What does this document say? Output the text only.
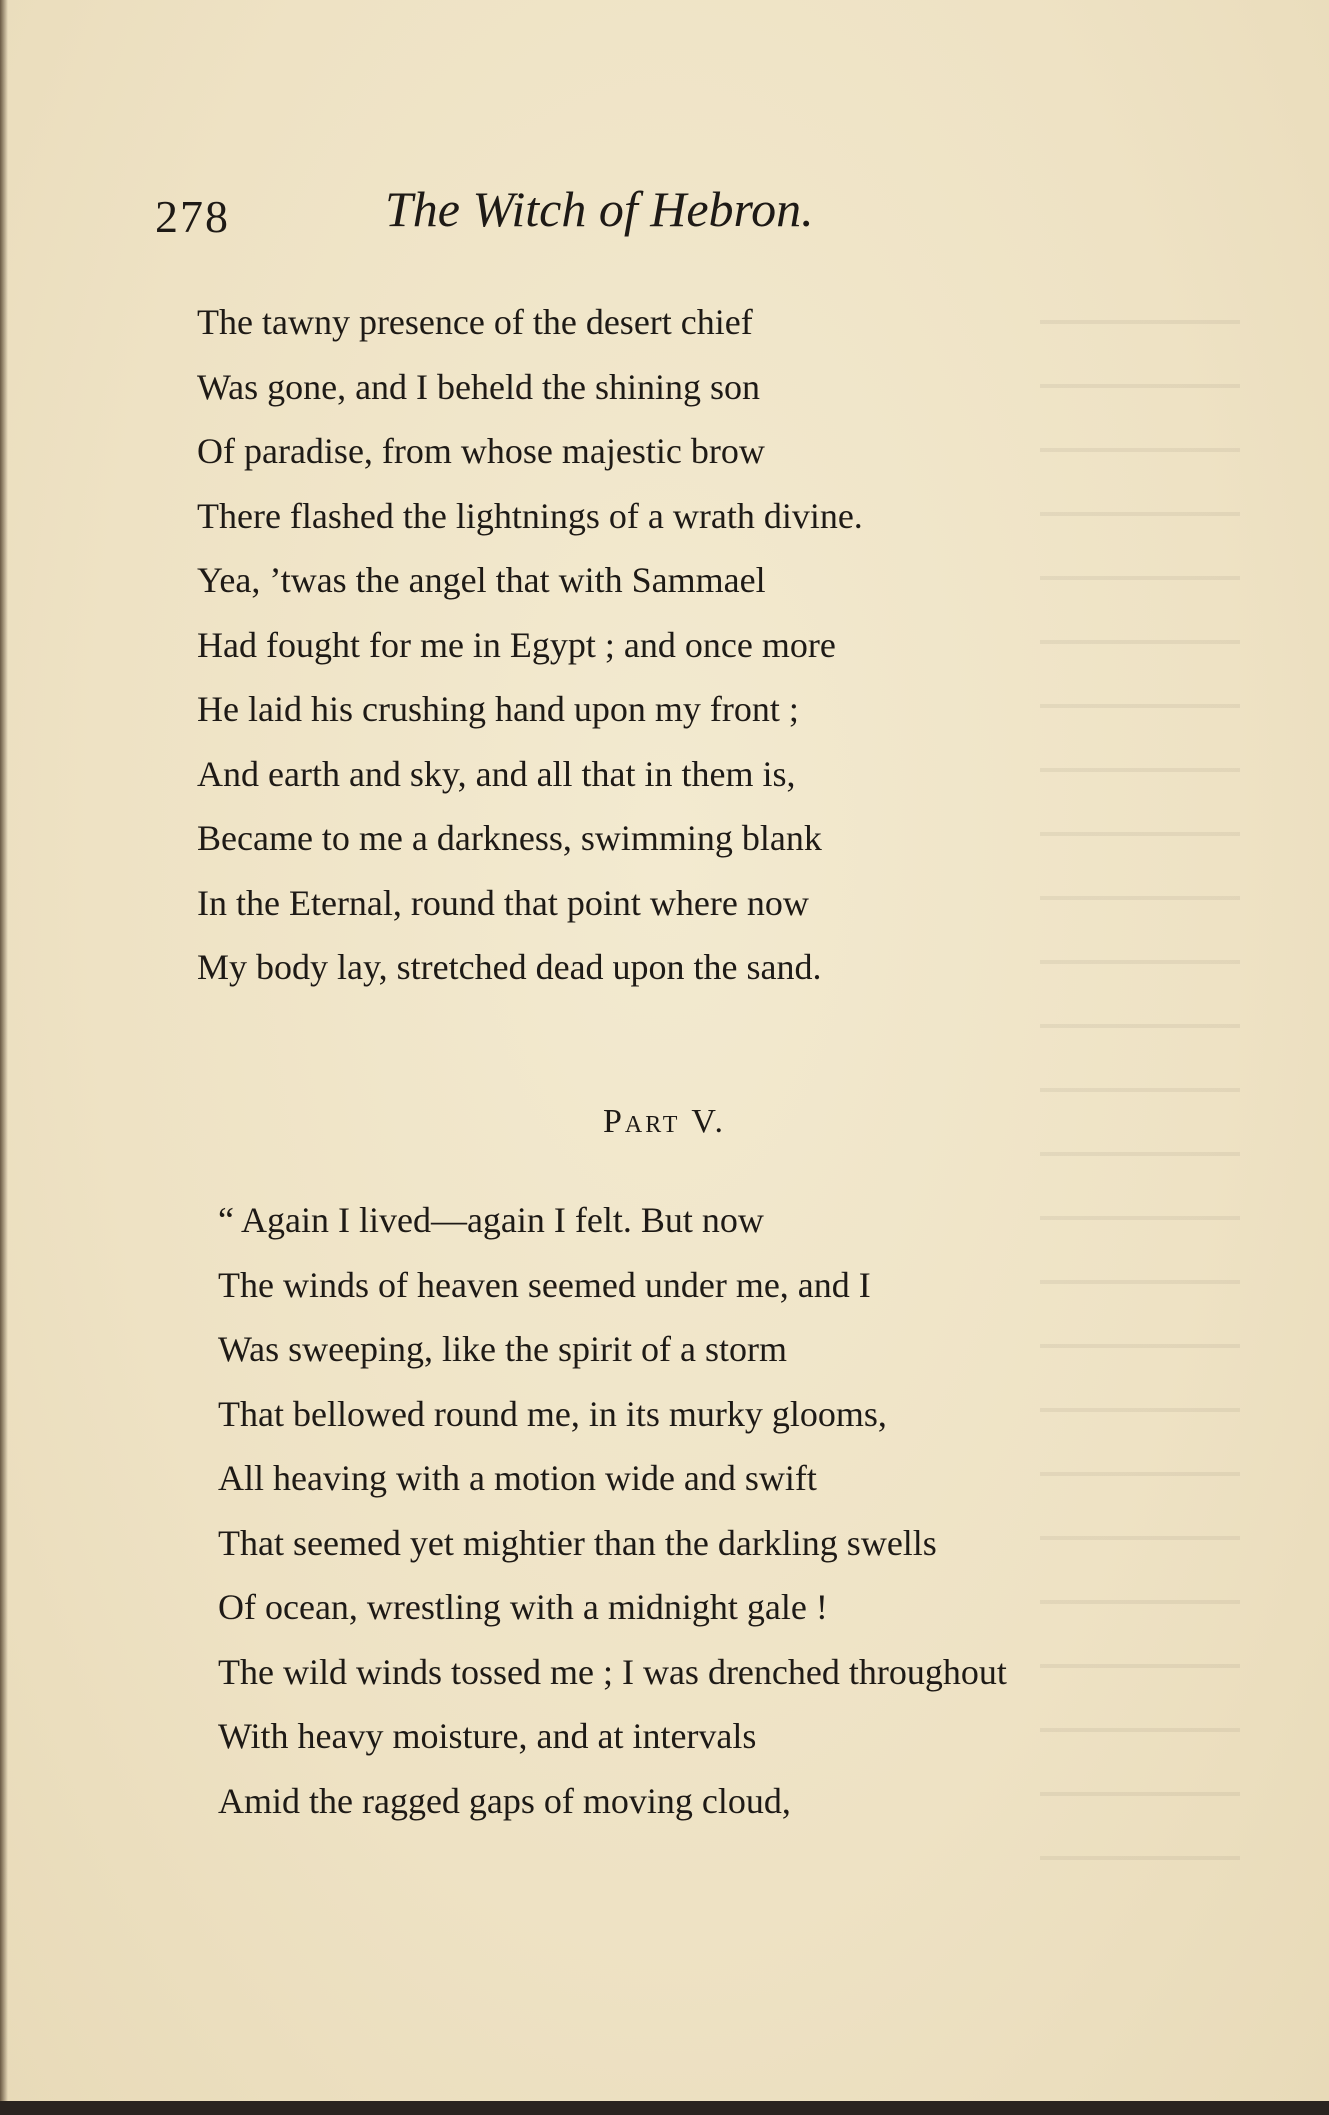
278	The Witch of Hebron.
The tawny presence of the desert chief
Was gone, and I beheld the shining son
Of paradise, from whose majestic brow
There flashed the lightnings of a wrath divine.
Yea, ’twas the angel that with Sammael
Had fought for me in Egypt ; and once more
He laid his crushing hand upon my front ;
And earth and sky, and all that in them is,
Became to me a darkness, swimming blank
In the Eternal, round that point where now
My body lay, stretched dead upon the sand.
Part V.
“ Again I lived—again I felt. But now
The winds of heaven seemed under me, and I
Was sweeping, like the spirit of a storm
That bellowed round me, in its murky glooms,
All heaving with a motion wide and swift
That seemed yet mightier than the darkling swells
Of ocean, wrestling with a midnight gale !
The wild winds tossed me ; I was drenched throughout
With heavy moisture, and at intervals
Amid the ragged gaps of moving cloud,
